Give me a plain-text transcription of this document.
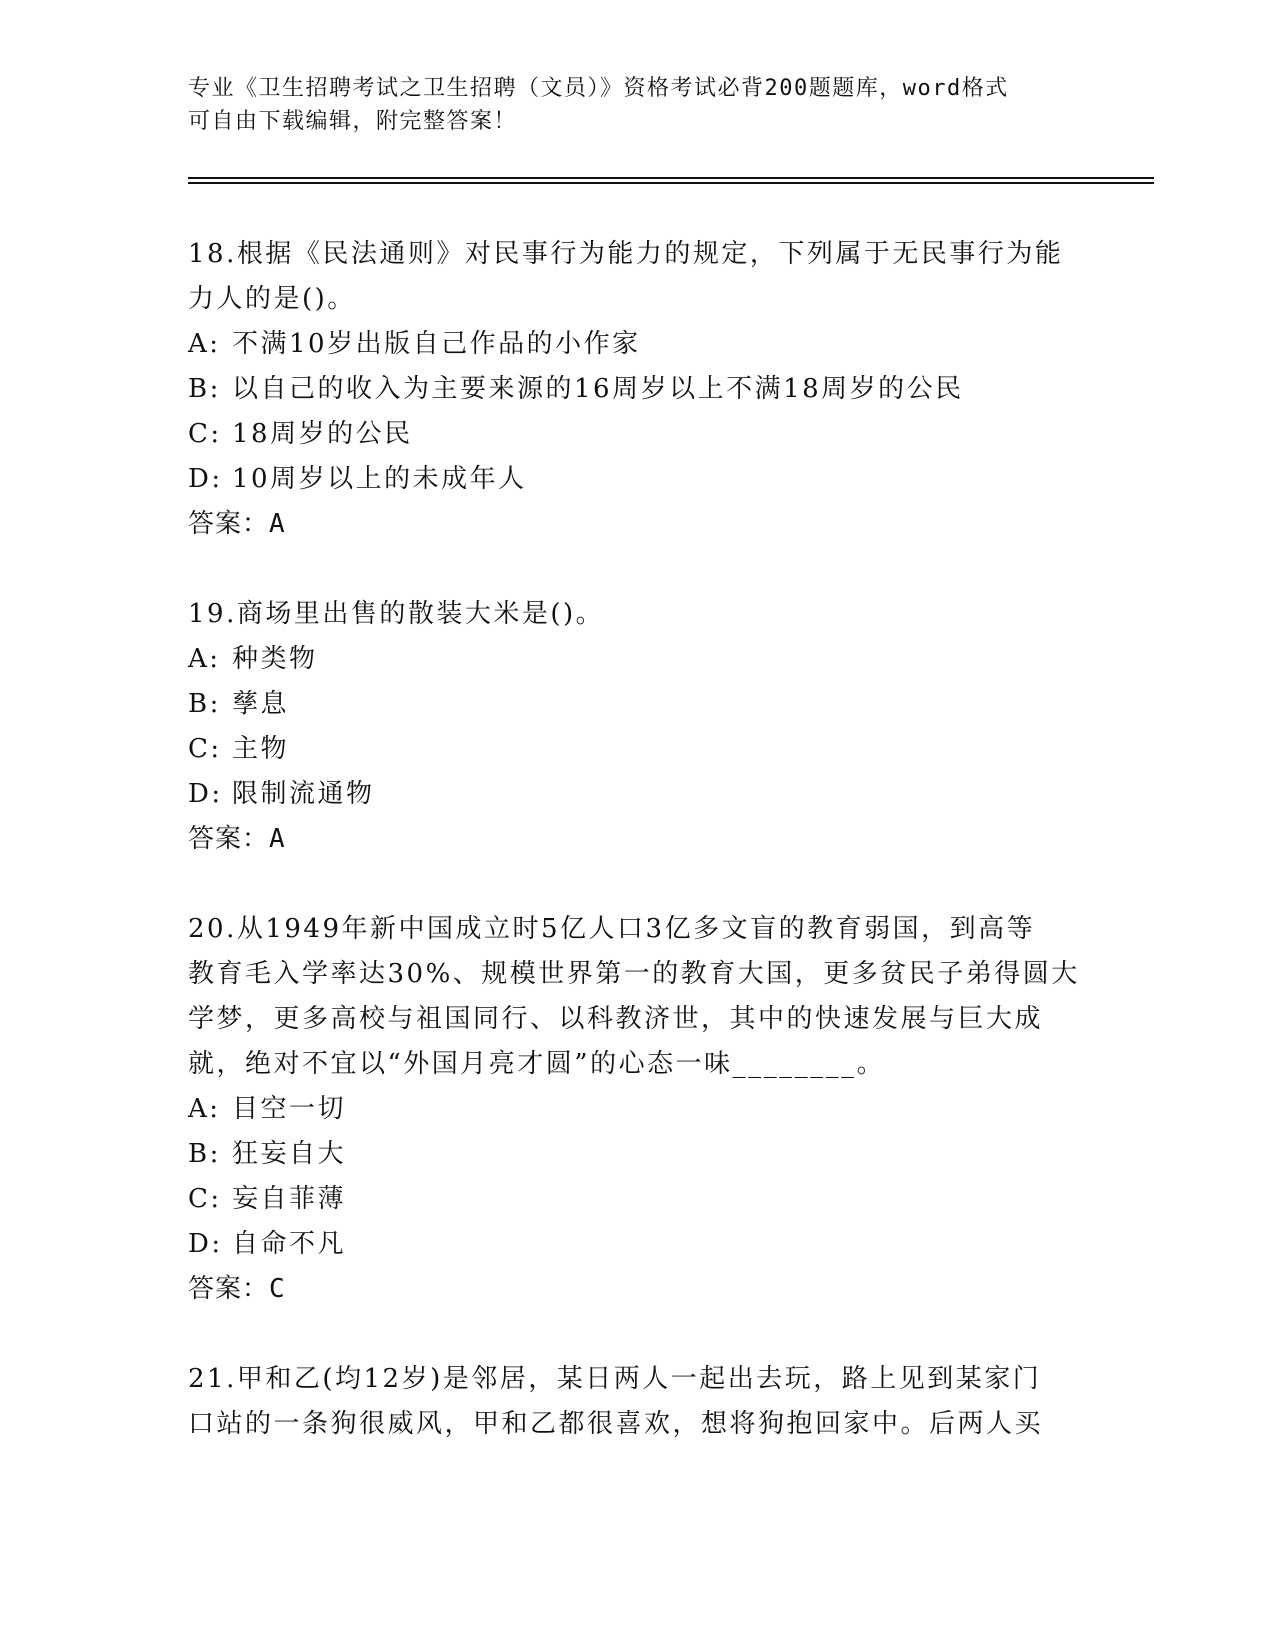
专业《卫生招聘考试之卫生招聘（文员）》资格考试必背200题题库，word格式
可自由下载编辑，附完整答案！
18.根据《民法通则》对民事行为能力的规定，下列属于无民事行为能
力人的是()。
A: 不满10岁出版自己作品的小作家
B: 以自己的收入为主要来源的16周岁以上不满18周岁的公民
C: 18周岁的公民
D: 10周岁以上的未成年人
答案：A
19.商场里出售的散装大米是()。
A: 种类物
B: 孳息
C: 主物
D: 限制流通物
答案：A
20.从1949年新中国成立时5亿人口3亿多文盲的教育弱国，到高等
教育毛入学率达30%、规模世界第一的教育大国，更多贫民子弟得圆大
学梦，更多高校与祖国同行、以科教济世，其中的快速发展与巨大成
就，绝对不宜以“外国月亮才圆”的心态一味________。
A: 目空一切
B: 狂妄自大
C: 妄自菲薄
D: 自命不凡
答案：C
21.甲和乙(均12岁)是邻居，某日两人一起出去玩，路上见到某家门
口站的一条狗很威风，甲和乙都很喜欢，想将狗抱回家中。后两人买
